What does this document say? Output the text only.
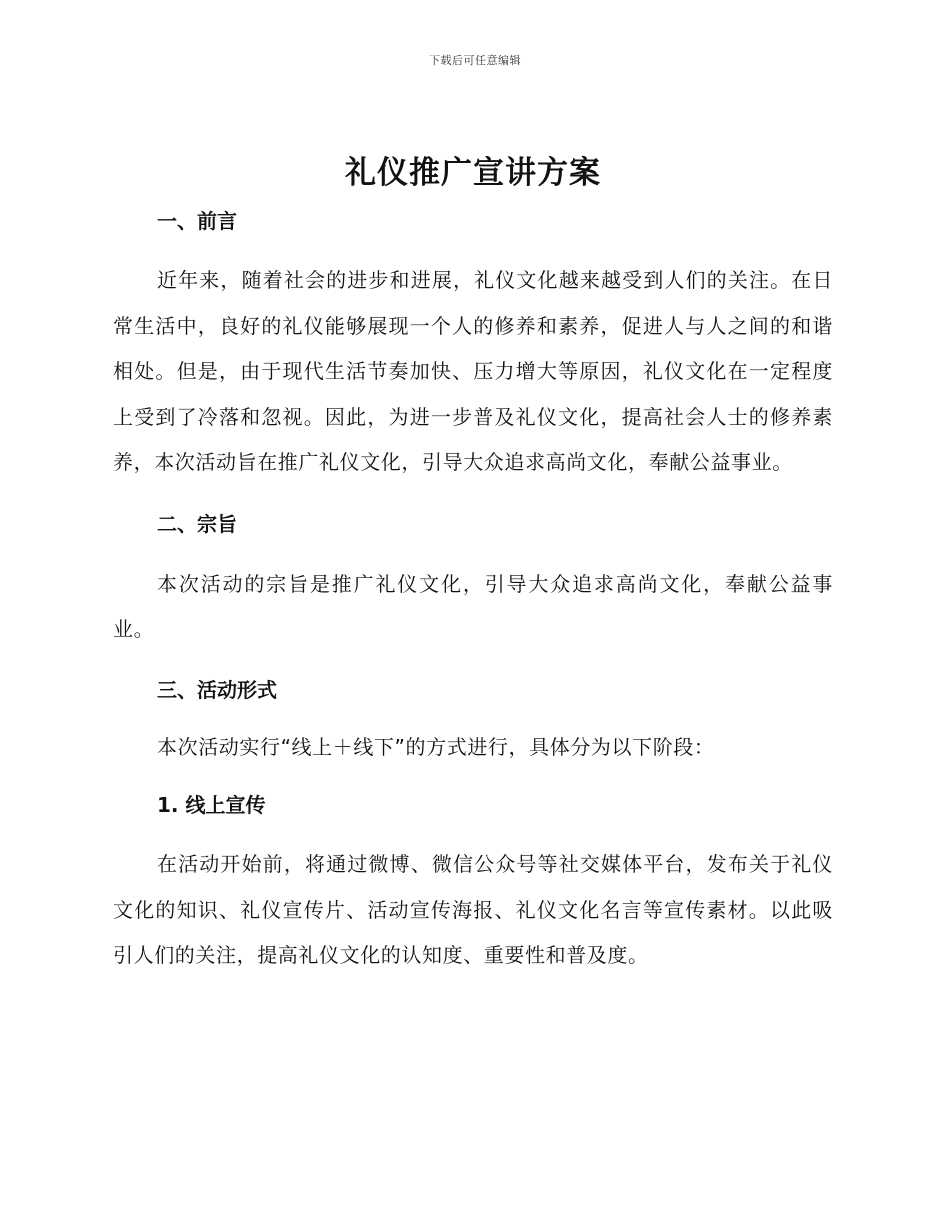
下载后可任意编辑
礼仪推广宣讲方案
一、前言

近年来，随着社会的进步和进展，礼仪文化越来越受到人们的关注。在日常生活中，良好的礼仪能够展现一个人的修养和素养，促进人与人之间的和谐相处。但是，由于现代生活节奏加快、压力增大等原因，礼仪文化在一定程度上受到了冷落和忽视。因此，为进一步普及礼仪文化，提高社会人士的修养素养，本次活动旨在推广礼仪文化，引导大众追求高尚文化，奉献公益事业。

二、宗旨

本次活动的宗旨是推广礼仪文化，引导大众追求高尚文化，奉献公益事业。

三、活动形式

本次活动实行“线上＋线下”的方式进行，具体分为以下阶段：

1. 线上宣传

在活动开始前，将通过微博、微信公众号等社交媒体平台，发布关于礼仪文化的知识、礼仪宣传片、活动宣传海报、礼仪文化名言等宣传素材。以此吸引人们的关注，提高礼仪文化的认知度、重要性和普及度。
